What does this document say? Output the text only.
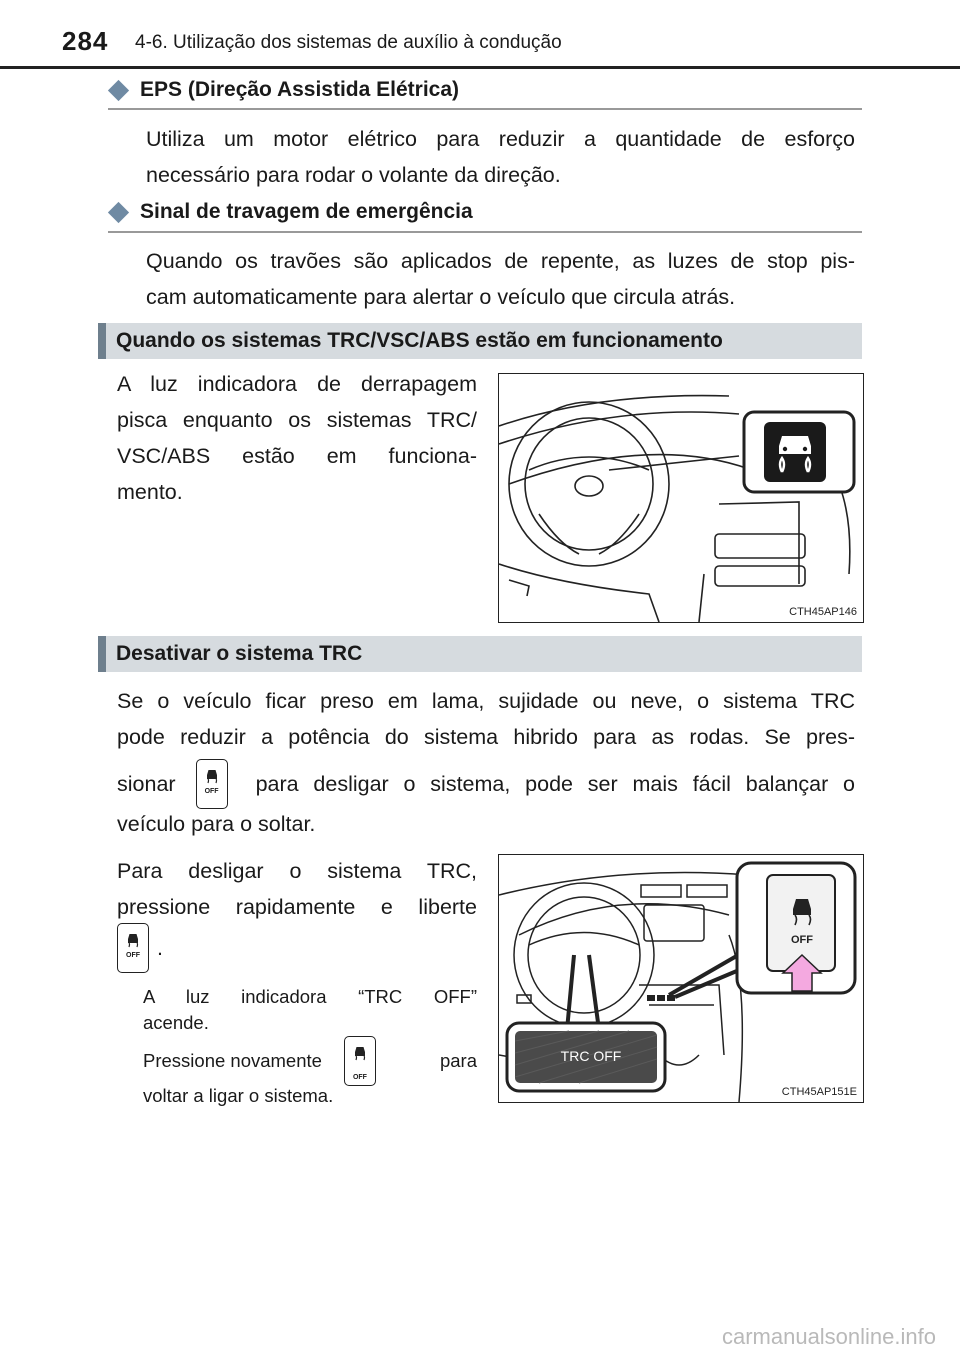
284 4-6. Utilização dos sistemas de auxílio à condução
EPS (Direção Assistida Elétrica)
Utiliza um motor elétrico para reduzir a quantidade de esforço
necessário para rodar o volante da direção.
Sinal de travagem de emergência
Quando os travões são aplicados de repente, as luzes de stop pis-
cam automaticamente para alertar o veículo que circula atrás.
Quando os sistemas TRC/VSC/ABS estão em funcionamento
A luz indicadora de derrapagem
pisca enquanto os sistemas TRC/
VSC/ABS estão em funciona-
mento.
CTH45AP146
Desativar o sistema TRC
Se o veículo ficar preso em lama, sujidade ou neve, o sistema TRC
pode reduzir a potência do sistema hibrido para as rodas. Se pres-
sionar	OFF	para desligar o sistema, pode ser mais fácil balançar o
veículo para o soltar.
Para desligar o sistema TRC,
pressione rapidamente e liberte
OFF .
A luz indicadora “TRC OFF”
acende.
Pressione novamente
OFF
para
voltar a ligar o sistema.
OFF
TRC OFF
CTH45AP151E
carmanualsonline.info
